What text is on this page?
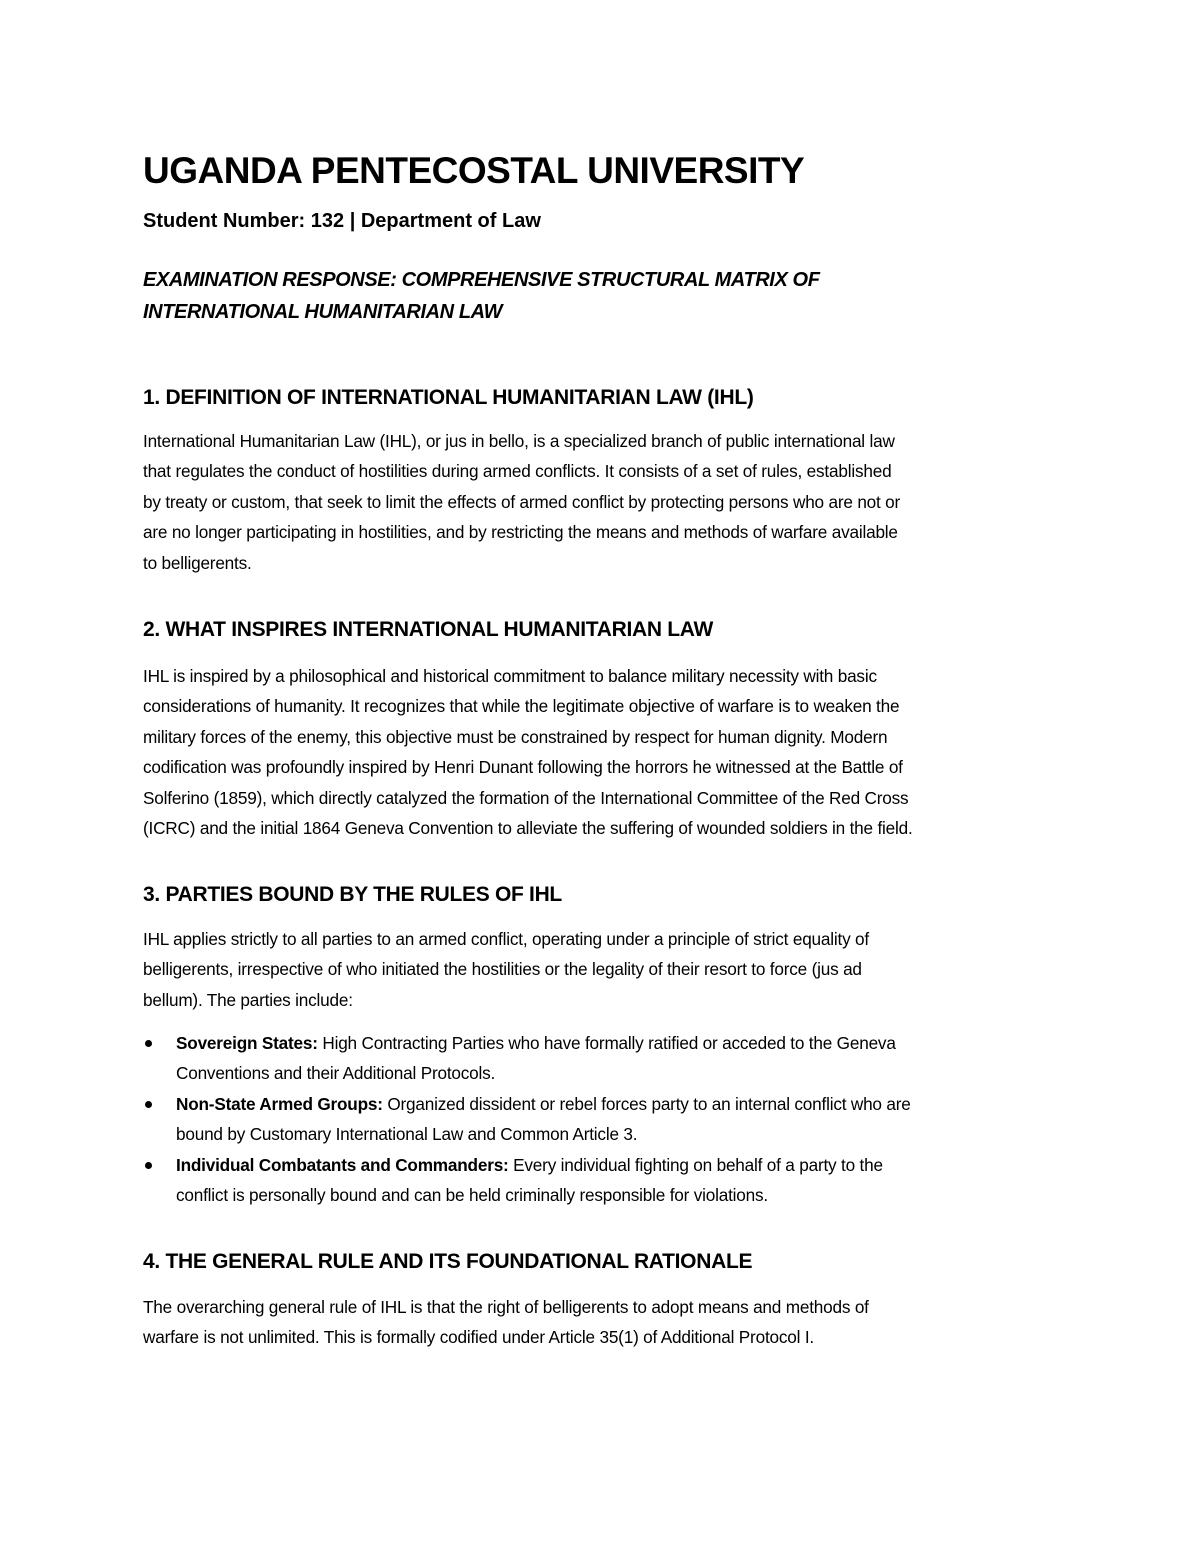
UGANDA PENTECOSTAL UNIVERSITY

Student Number: 132 | Department of Law

EXAMINATION RESPONSE: COMPREHENSIVE STRUCTURAL MATRIX OF
INTERNATIONAL HUMANITARIAN LAW
1. DEFINITION OF INTERNATIONAL HUMANITARIAN LAW (IHL)

International Humanitarian Law (IHL), or jus in bello, is a specialized branch of public international law
that regulates the conduct of hostilities during armed conflicts. It consists of a set of rules, established
by treaty or custom, that seek to limit the effects of armed conflict by protecting persons who are not or
are no longer participating in hostilities, and by restricting the means and methods of warfare available
to belligerents.

2. WHAT INSPIRES INTERNATIONAL HUMANITARIAN LAW

IHL is inspired by a philosophical and historical commitment to balance military necessity with basic
considerations of humanity. It recognizes that while the legitimate objective of warfare is to weaken the
military forces of the enemy, this objective must be constrained by respect for human dignity. Modern
codification was profoundly inspired by Henri Dunant following the horrors he witnessed at the Battle of
Solferino (1859), which directly catalyzed the formation of the International Committee of the Red Cross
(ICRC) and the initial 1864 Geneva Convention to alleviate the suffering of wounded soldiers in the field.

3. PARTIES BOUND BY THE RULES OF IHL

IHL applies strictly to all parties to an armed conflict, operating under a principle of strict equality of
belligerents, irrespective of who initiated the hostilities or the legality of their resort to force (jus ad
bellum). The parties include:

Sovereign States: High Contracting Parties who have formally ratified or acceded to the Geneva
Conventions and their Additional Protocols.
Non-State Armed Groups: Organized dissident or rebel forces party to an internal conflict who are
bound by Customary International Law and Common Article 3.
Individual Combatants and Commanders: Every individual fighting on behalf of a party to the
conflict is personally bound and can be held criminally responsible for violations.
4. THE GENERAL RULE AND ITS FOUNDATIONAL RATIONALE

The overarching general rule of IHL is that the right of belligerents to adopt means and methods of
warfare is not unlimited. This is formally codified under Article 35(1) of Additional Protocol I.
